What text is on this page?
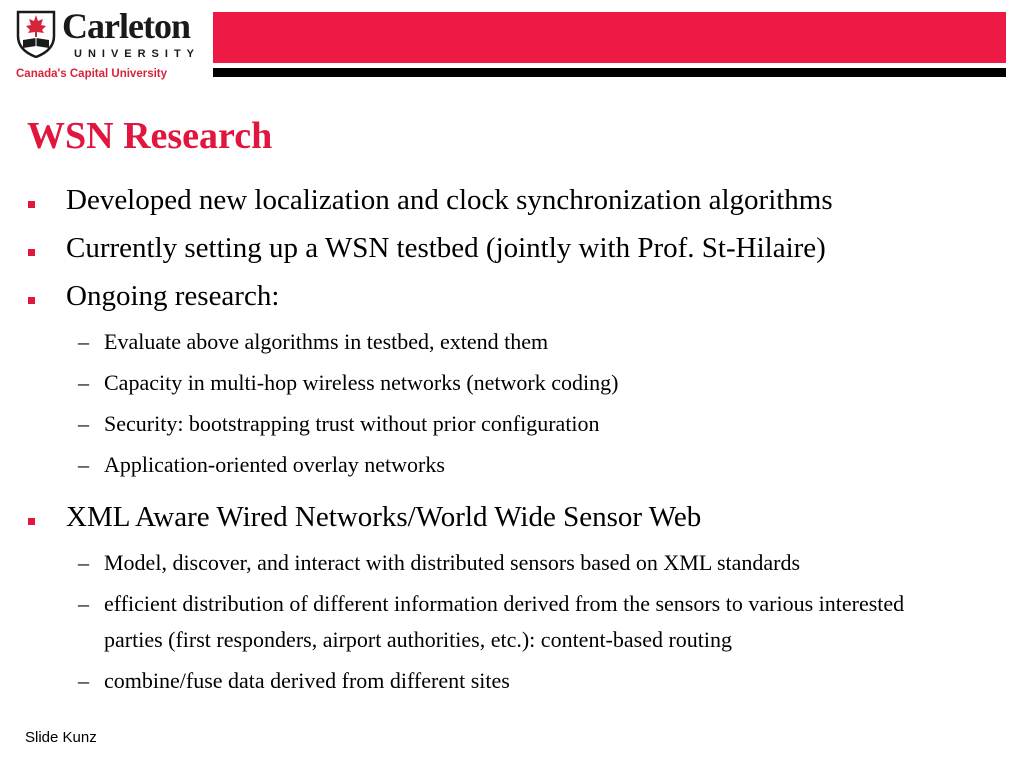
Carleton
UNIVERSITY
Canada's Capital University
WSN Research
Developed new localization and clock synchronization algorithms
Currently setting up a WSN testbed (jointly with Prof. St-Hilaire)
Ongoing research:
– Evaluate above algorithms in testbed, extend them
– Capacity in multi-hop wireless networks (network coding)
– Security: bootstrapping trust without prior configuration
– Application-oriented overlay networks
XML Aware Wired Networks/World Wide Sensor Web
– Model, discover, and interact with distributed sensors based on XML standards
– efficient distribution of different information derived from the sensors to various interested parties (first responders, airport authorities, etc.): content-based routing
– combine/fuse data derived from different sites
Slide Kunz
